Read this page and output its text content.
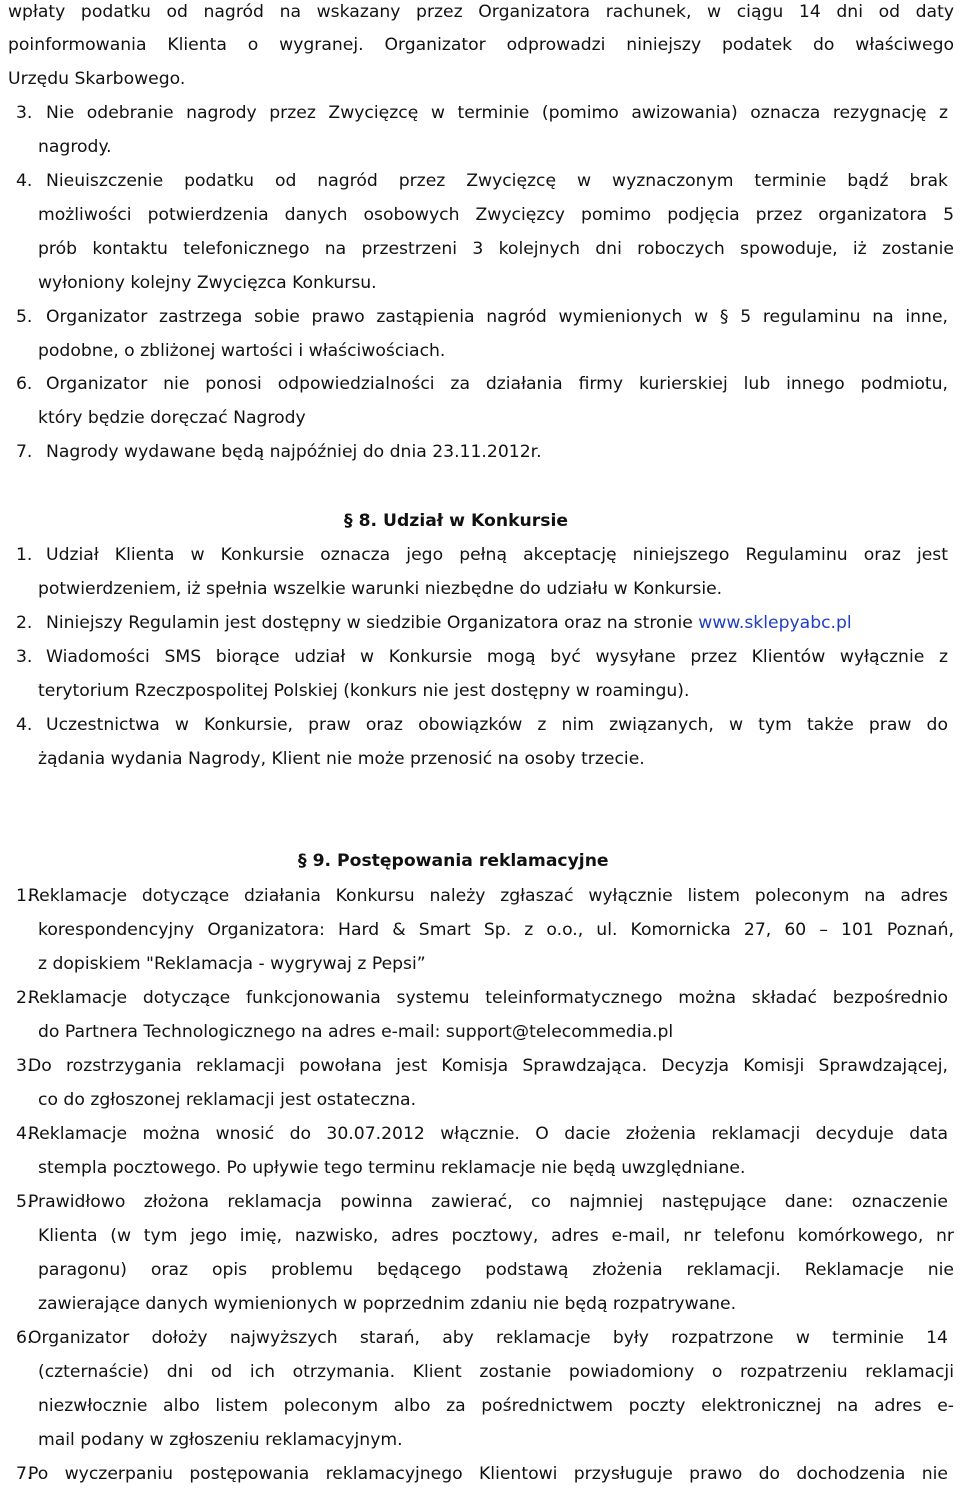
wpłaty podatku od nagród na wskazany przez Organizatora rachunek, w ciągu 14 dni od daty
poinformowania Klienta o wygranej. Organizator odprowadzi niniejszy podatek do właściwego
Urzędu Skarbowego.
3. Nie odebranie nagrody przez Zwycięzcę w terminie (pomimo awizowania) oznacza rezygnację z
nagrody.
4. Nieuiszczenie podatku od nagród przez Zwycięzcę w wyznaczonym terminie bądź brak
możliwości potwierdzenia danych osobowych Zwycięzcy pomimo podjęcia przez organizatora 5
prób kontaktu telefonicznego na przestrzeni 3 kolejnych dni roboczych spowoduje, iż zostanie
wyłoniony kolejny Zwycięzca Konkursu.
5. Organizator zastrzega sobie prawo zastąpienia nagród wymienionych w § 5 regulaminu na inne,
podobne, o zbliżonej wartości i właściwościach.
6. Organizator nie ponosi odpowiedzialności za działania firmy kurierskiej lub innego podmiotu,
który będzie doręczać Nagrody
7. Nagrody wydawane będą najpóźniej do dnia 23.11.2012r.
§ 8. Udział w Konkursie
1. Udział Klienta w Konkursie oznacza jego pełną akceptację niniejszego Regulaminu oraz jest
potwierdzeniem, iż spełnia wszelkie warunki niezbędne do udziału w Konkursie.
2. Niniejszy Regulamin jest dostępny w siedzibie Organizatora oraz na stronie www.sklepyabc.pl
3. Wiadomości SMS biorące udział w Konkursie mogą być wysyłane przez Klientów wyłącznie z
terytorium Rzeczpospolitej Polskiej (konkurs nie jest dostępny w roamingu).
4. Uczestnictwa w Konkursie, praw oraz obowiązków z nim związanych, w tym także praw do
żądania wydania Nagrody, Klient nie może przenosić na osoby trzecie.
§ 9. Postępowania reklamacyjne
1.
Reklamacje dotyczące działania Konkursu należy zgłaszać wyłącznie listem poleconym na adres
korespondencyjny Organizatora: Hard & Smart Sp. z o.o., ul. Komornicka 27, 60 – 101 Poznań,
z dopiskiem "Reklamacja - wygrywaj z Pepsi”
2.
Reklamacje dotyczące funkcjonowania systemu teleinformatycznego można składać bezpośrednio
do Partnera Technologicznego na adres e-mail: support@telecommedia.pl
3.
Do rozstrzygania reklamacji powołana jest Komisja Sprawdzająca. Decyzja Komisji Sprawdzającej,
co do zgłoszonej reklamacji jest ostateczna.
4.
Reklamacje można wnosić do 30.07.2012 włącznie. O dacie złożenia reklamacji decyduje data
stempla pocztowego. Po upływie tego terminu reklamacje nie będą uwzględniane.
5.
Prawidłowo złożona reklamacja powinna zawierać, co najmniej następujące dane: oznaczenie
Klienta (w tym jego imię, nazwisko, adres pocztowy, adres e-mail, nr telefonu komórkowego, nr
paragonu) oraz opis problemu będącego podstawą złożenia reklamacji. Reklamacje nie
zawierające danych wymienionych w poprzednim zdaniu nie będą rozpatrywane.
6.
Organizator dołoży najwyższych starań, aby reklamacje były rozpatrzone w terminie 14
(czternaście) dni od ich otrzymania. Klient zostanie powiadomiony o rozpatrzeniu reklamacji
niezwłocznie albo listem poleconym albo za pośrednictwem poczty elektronicznej na adres e-
mail podany w zgłoszeniu reklamacyjnym.
7.
Po wyczerpaniu postępowania reklamacyjnego Klientowi przysługuje prawo do dochodzenia nie
